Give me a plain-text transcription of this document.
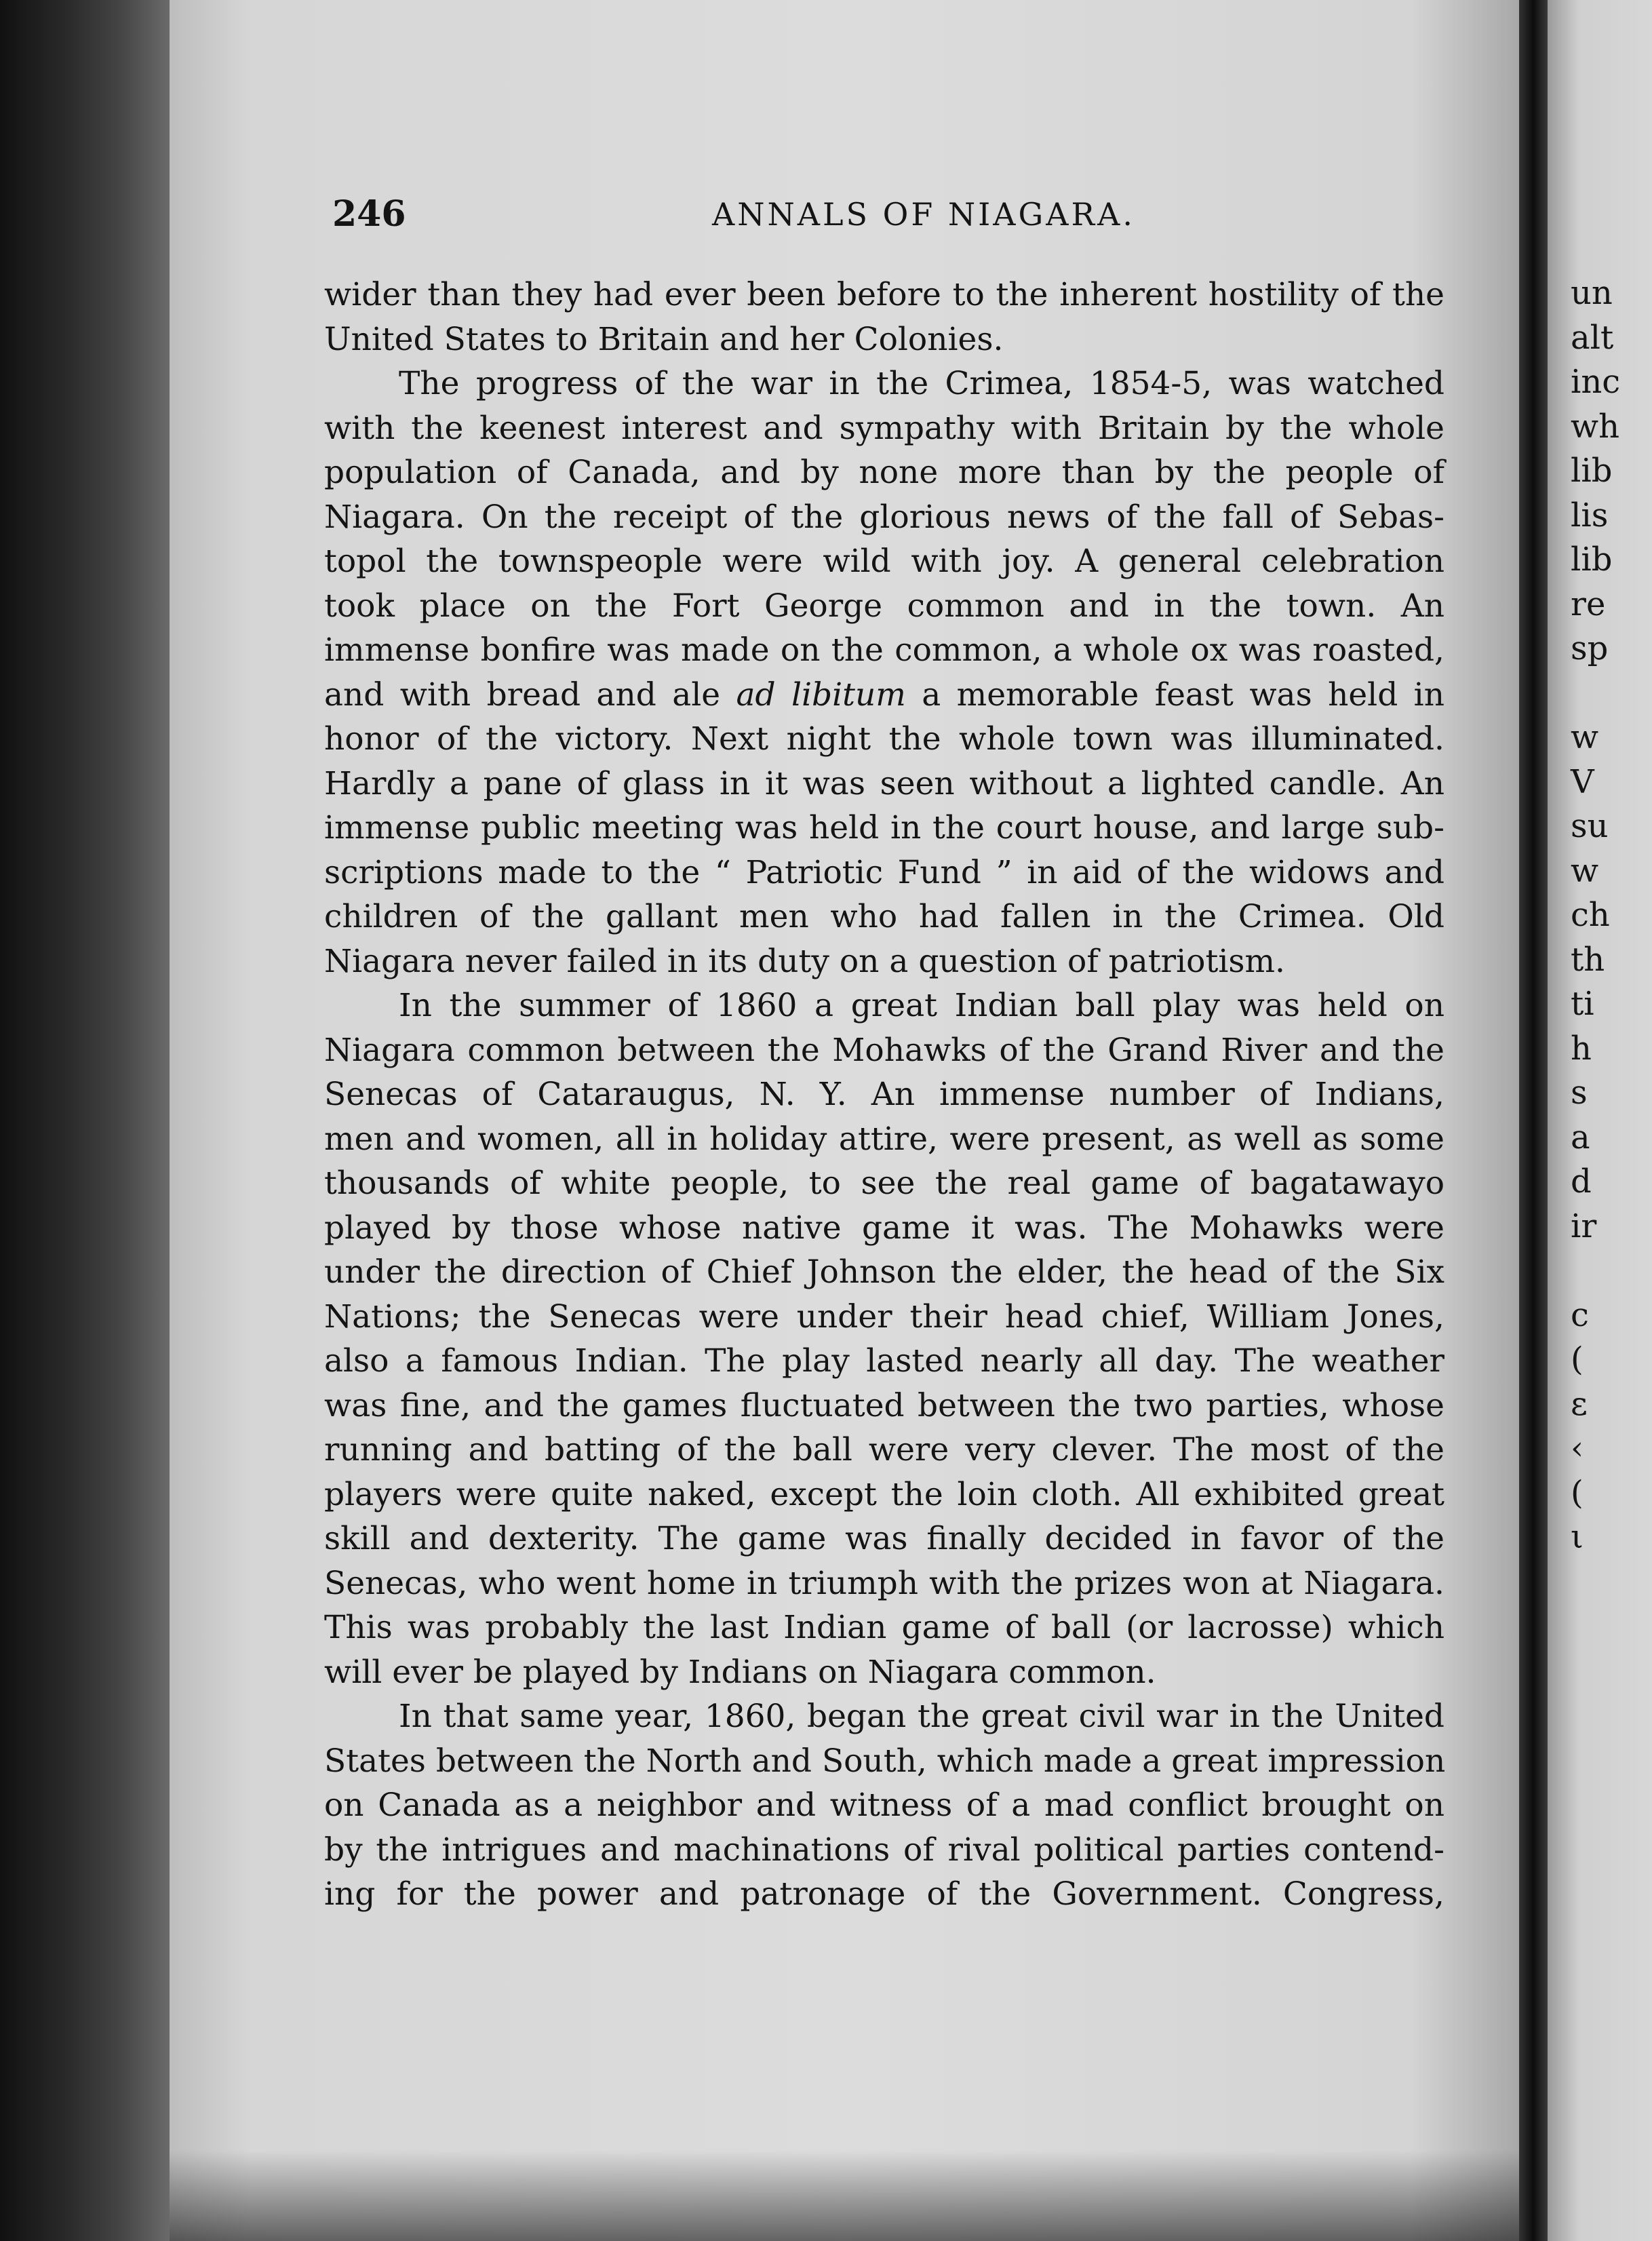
un
alt
inc
wh
lib
lis
lib
re
sp

w
V
su
w
ch
th
ti
h
s
a
d
ir

c
(
ε
‹
(
ι
246	ANNALS OF NIAGARA.

wider than they had ever been before to the inherent hostility of the
United States to Britain and her Colonies.

The progress of the war in the Crimea, 1854-5, was watched
with the keenest interest and sympathy with Britain by the whole
population of Canada, and by none more than by the people of
Niagara. On the receipt of the glorious news of the fall of Sebas-
topol the townspeople were wild with joy. A general celebration
took place on the Fort George common and in the town. An
immense bonfire was made on the common, a whole ox was roasted,
and with bread and ale ad libitum a memorable feast was held in
honor of the victory. Next night the whole town was illuminated.
Hardly a pane of glass in it was seen without a lighted candle. An
immense public meeting was held in the court house, and large sub-
scriptions made to the “ Patriotic Fund ” in aid of the widows and
children of the gallant men who had fallen in the Crimea. Old
Niagara never failed in its duty on a question of patriotism.

In the summer of 1860 a great Indian ball play was held on
Niagara common between the Mohawks of the Grand River and the
Senecas of Cataraugus, N. Y. An immense number of Indians,
men and women, all in holiday attire, were present, as well as some
thousands of white people, to see the real game of bagatawayo
played by those whose native game it was. The Mohawks were
under the direction of Chief Johnson the elder, the head of the Six
Nations; the Senecas were under their head chief, William Jones,
also a famous Indian. The play lasted nearly all day. The weather
was fine, and the games fluctuated between the two parties, whose
running and batting of the ball were very clever. The most of the
players were quite naked, except the loin cloth. All exhibited great
skill and dexterity. The game was finally decided in favor of the
Senecas, who went home in triumph with the prizes won at Niagara.
This was probably the last Indian game of ball (or lacrosse) which
will ever be played by Indians on Niagara common.

In that same year, 1860, began the great civil war in the United
States between the North and South, which made a great impression
on Canada as a neighbor and witness of a mad conflict brought on
by the intrigues and machinations of rival political parties contend-
ing for the power and patronage of the Government. Congress,
